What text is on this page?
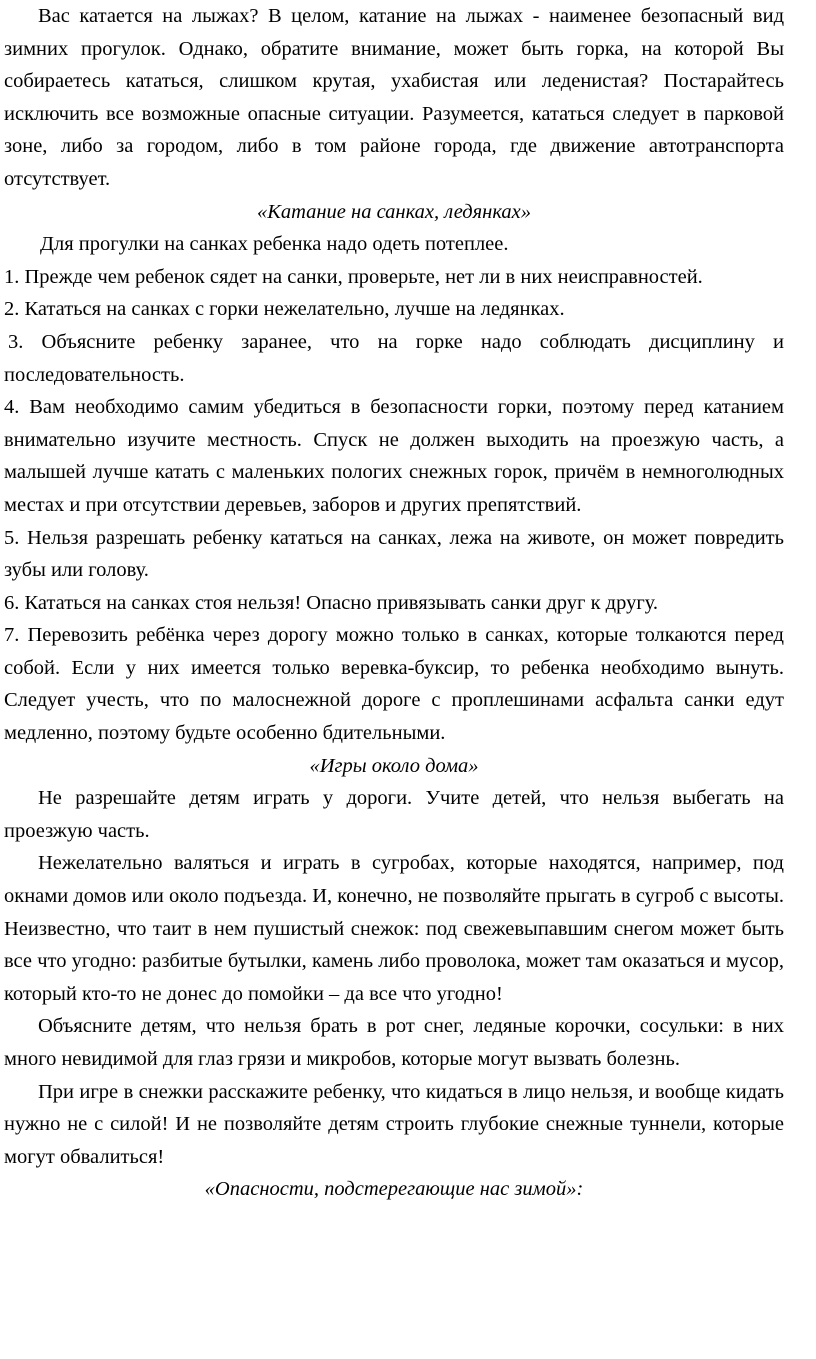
Вас катается на лыжах? В целом, катание на лыжах - наименее безопасный вид зимних прогулок. Однако, обратите внимание, может быть горка, на которой Вы собираетесь кататься, слишком крутая, ухабистая или леденистая? Постарайтесь исключить все возможные опасные ситуации. Разумеется, кататься следует в парковой зоне, либо за городом, либо в том районе города, где движение автотранспорта отсутствует.

«Катание на санках, ледянках»

Для прогулки на санках ребенка надо одеть потеплее.

1. Прежде чем ребенок сядет на санки, проверьте, нет ли в них неисправностей.

2. Кататься на санках с горки нежелательно, лучше на ледянках.

3. Объясните ребенку заранее, что на горке надо соблюдать дисциплину и последовательность.

4. Вам необходимо самим убедиться в безопасности горки, поэтому перед катанием внимательно изучите местность. Спуск не должен выходить на проезжую часть, а малышей лучше катать с маленьких пологих снежных горок, причём в немноголюдных местах и при отсутствии деревьев, заборов и других препятствий.

5. Нельзя разрешать ребенку кататься на санках, лежа на животе, он может повредить зубы или голову.

6. Кататься на санках стоя нельзя! Опасно привязывать санки друг к другу.

7. Перевозить ребёнка через дорогу можно только в санках, которые толкаются перед собой. Если у них имеется только веревка-буксир, то ребенка необходимо вынуть. Следует учесть, что по малоснежной дороге с проплешинами асфальта санки едут медленно, поэтому будьте особенно бдительными.

«Игры около дома»

Не разрешайте детям играть у дороги. Учите детей, что нельзя выбегать на проезжую часть.

Нежелательно валяться и играть в сугробах, которые находятся, например, под окнами домов или около подъезда. И, конечно, не позволяйте прыгать в сугроб с высоты. Неизвестно, что таит в нем пушистый снежок: под свежевыпавшим снегом может быть все что угодно: разбитые бутылки, камень либо проволока, может там оказаться и мусор, который кто-то не донес до помойки – да все что угодно!

Объясните детям, что нельзя брать в рот снег, ледяные корочки, сосульки: в них много невидимой для глаз грязи и микробов, которые могут вызвать болезнь.

При игре в снежки расскажите ребенку, что кидаться в лицо нельзя, и вообще кидать нужно не с силой! И не позволяйте детям строить глубокие снежные туннели, которые могут обвалиться!

«Опасности, подстерегающие нас зимой»:
